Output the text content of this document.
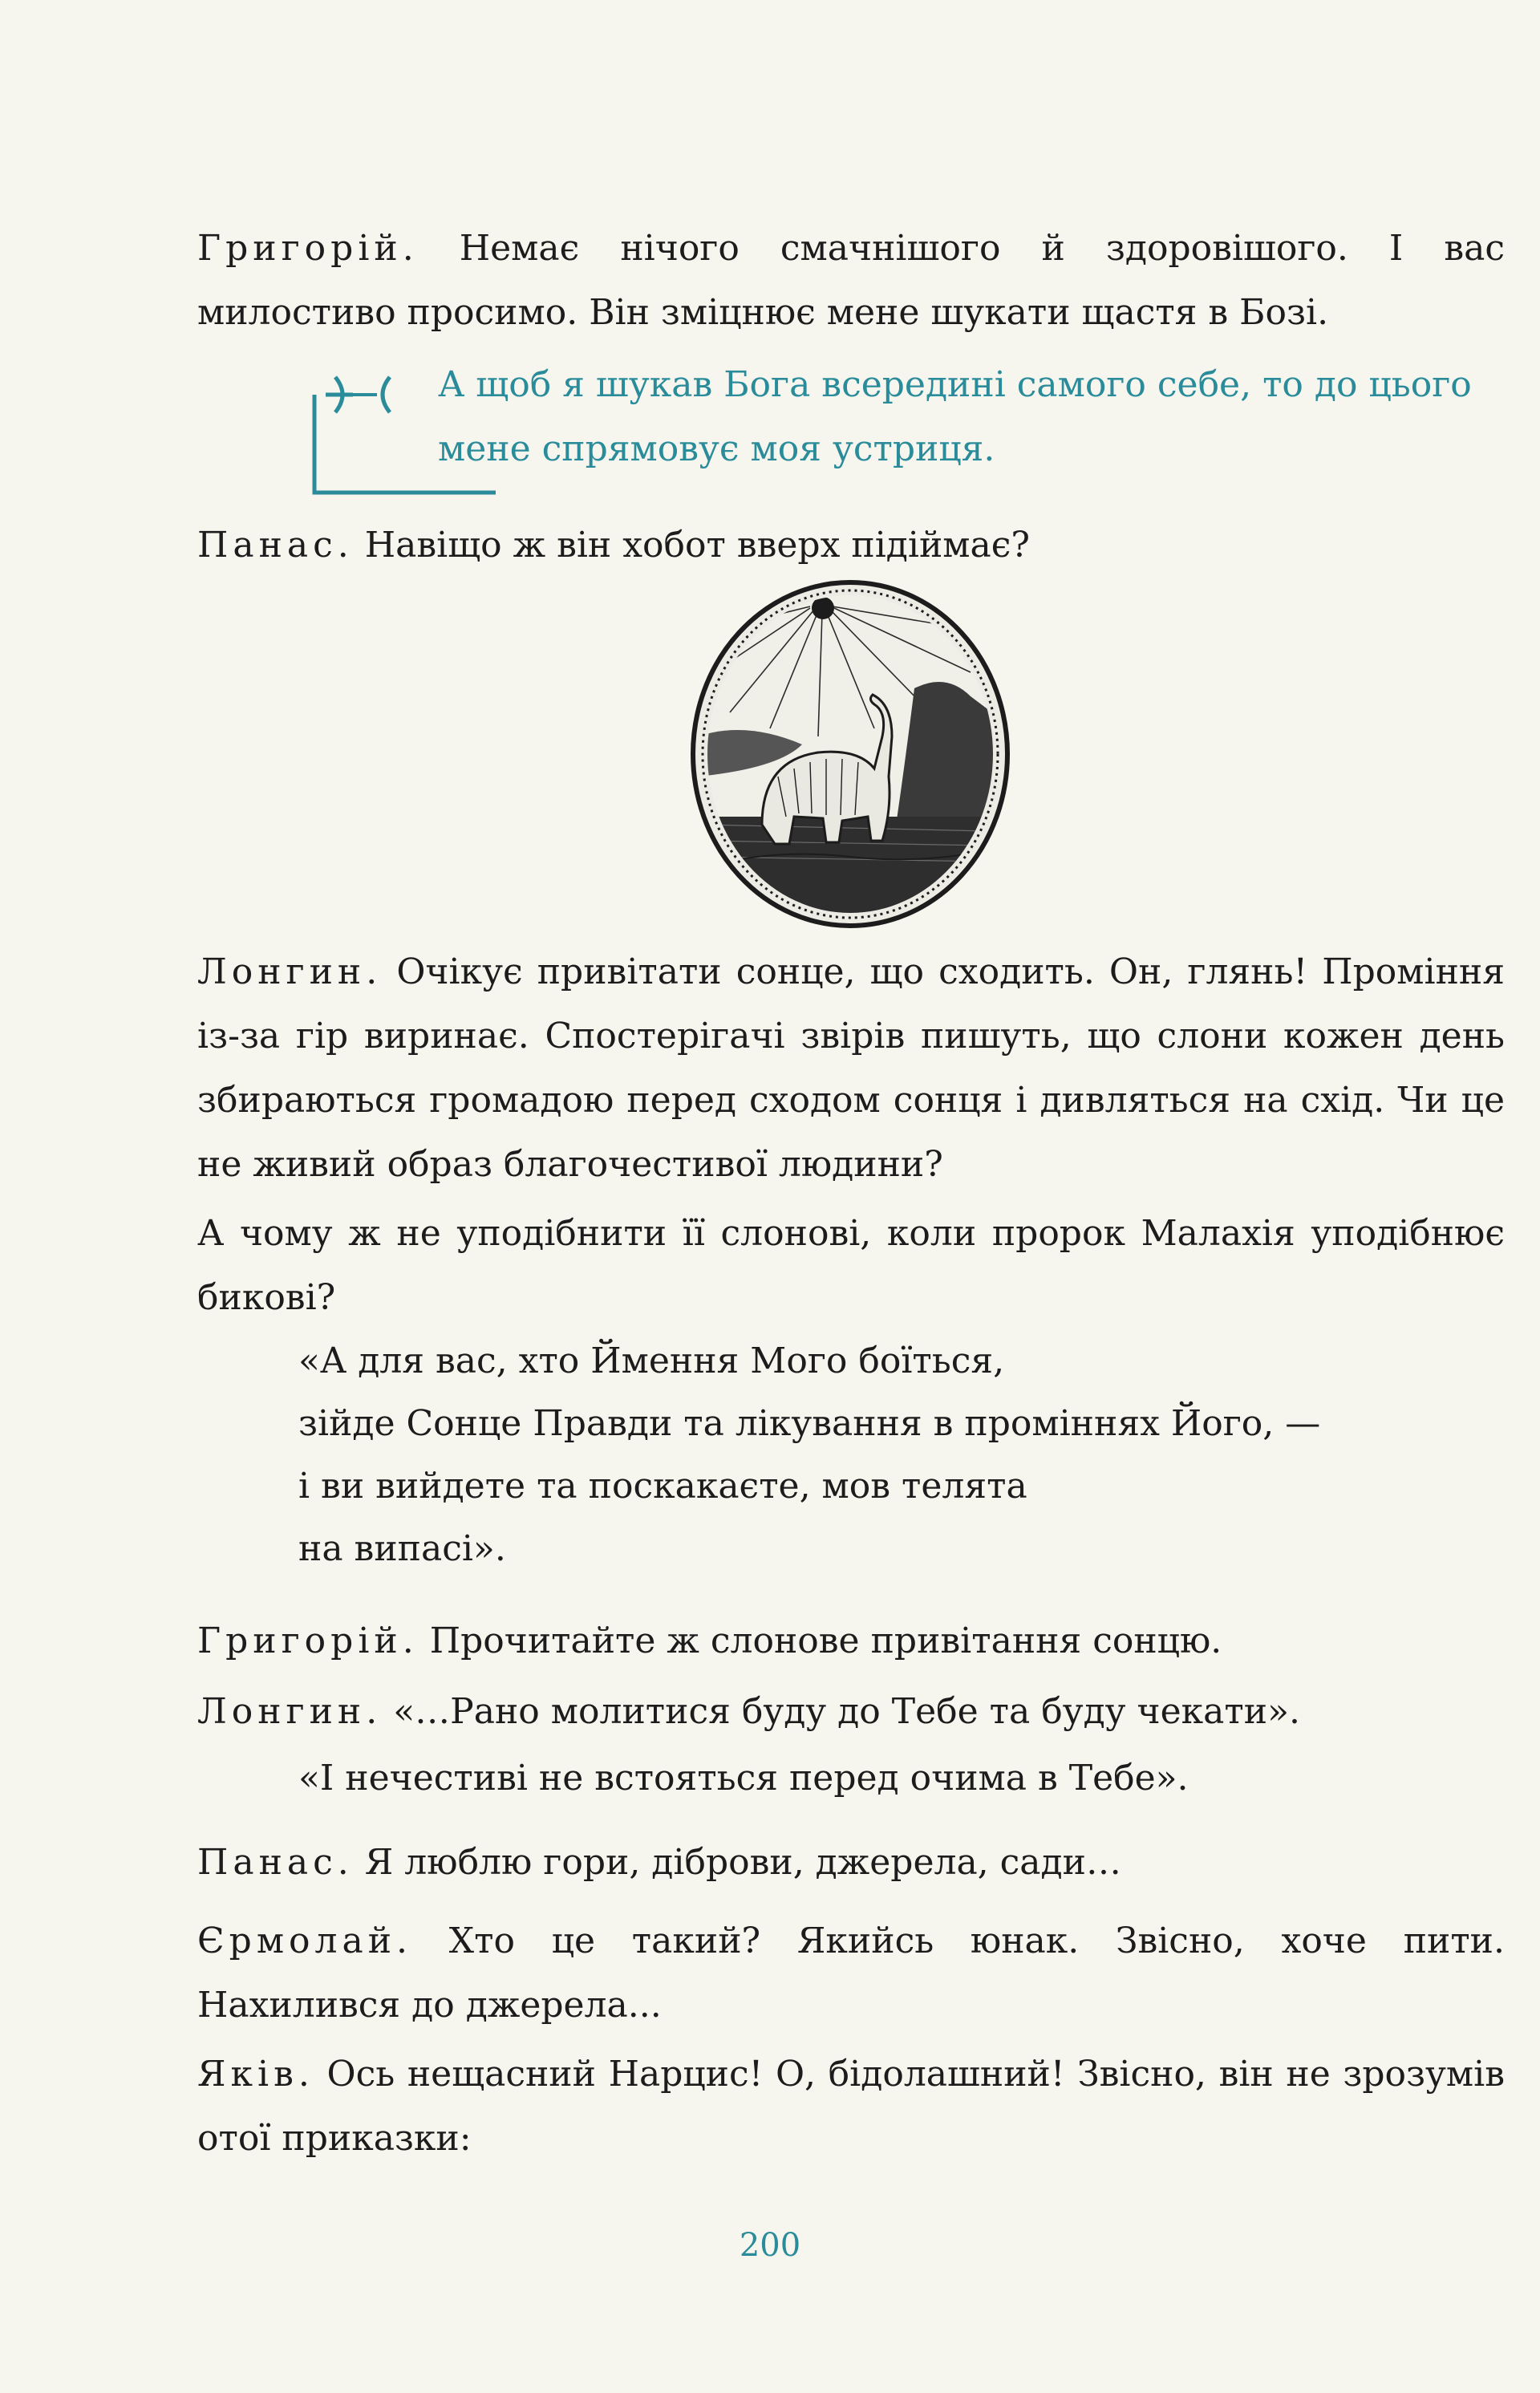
Григорій. Немає нічого смачнішого й здоровішого. І вас милостиво просимо. Він зміцнює мене шукати щастя в Бозі.

А щоб я шукав Бога всередині самого себе, то до цього мене спрямовує моя устриця.

Панас. Навіщо ж він хобот вверх підіймає?

Лонгин. Очікує привітати сонце, що сходить. Он, глянь! Проміння із-за гір виринає. Спостерігачі звірів пишуть, що слони кожен день збираються громадою перед сходом сонця і дивляться на схід. Чи це не живий образ благочестивої людини?

А чому ж не уподібнити її слонові, коли пророк Малахія уподібнює бикові?

«А для вас, хто Ймення Мого боїться,
зійде Сонце Правди та лікування в проміннях Його, —
і ви вийдете та поскакаєте, мов телята
на випасі».

Григорій. Прочитайте ж слонове привітання сонцю.

Лонгин. «…Рано молитися буду до Тебе та буду чекати».

«І нечестиві не встояться перед очима в Тебе».

Панас. Я люблю гори, діброви, джерела, сади…

Єрмолай. Хто це такий? Якийсь юнак. Звісно, хоче пити. Нахилився до джерела...

Яків. Ось нещасний Нарцис! О, бідолашний! Звісно, він не зрозумів отої приказки:

200
